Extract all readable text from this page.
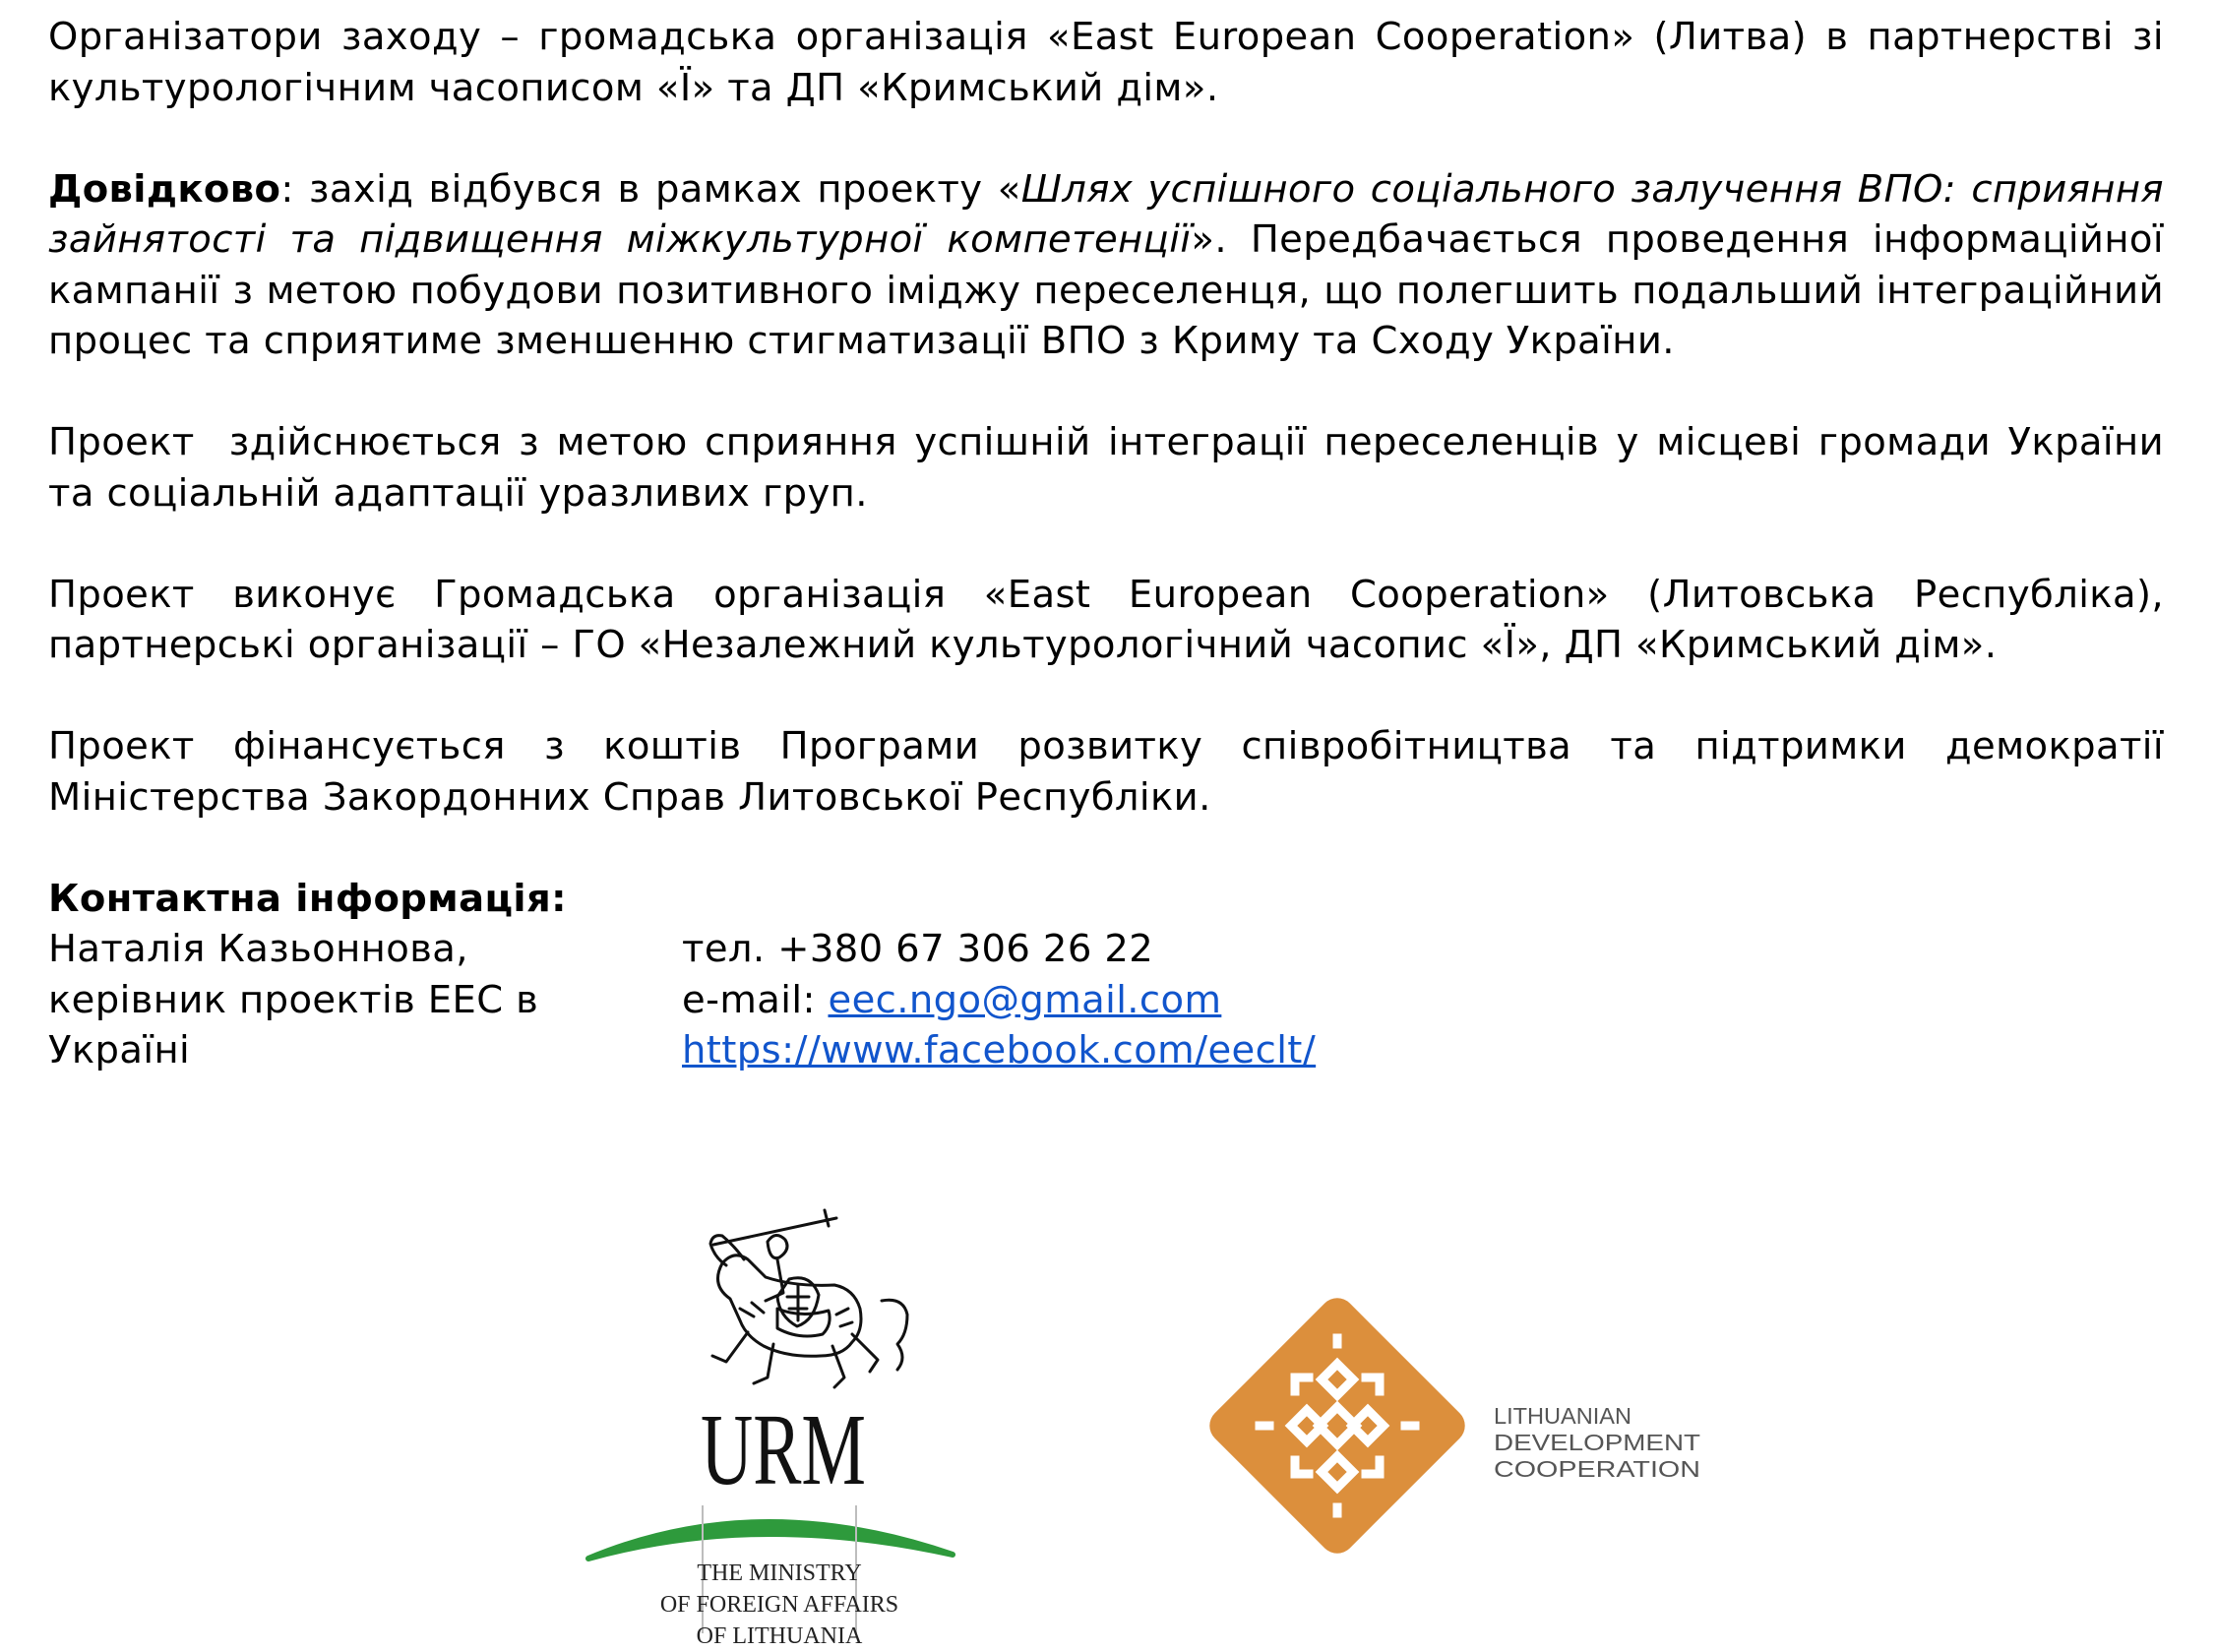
Організатори заходу – громадська організація «East European Cooperation» (Литва) в партнерстві зі культурологічним часописом «Ї» та ДП «Кримський дім».

Довідково: захід відбувся в рамках проекту «Шлях успішного соціального залучення ВПО: сприяння зайнятості та підвищення міжкультурної компетенції». Передбачається проведення інформаційної кампанії з метою побудови позитивного іміджу переселенця, що полегшить подальший інтеграційний процес та сприятиме зменшенню стигматизації ВПО з Криму та Сходу України.

Проект  здійснюється з метою сприяння успішній інтеграції переселенців у місцеві громади України та соціальній адаптації уразливих груп.

Проект виконує Громадська організація «East European Cooperation» (Литовська Республіка), партнерські організації – ГО «Незалежний культурологічний часопис «Ї», ДП «Кримський дім».

Проект фінансується з коштів Програми розвитку співробітництва та підтримки демократії Міністерства Закордонних Справ Литовської Республіки.

Контактна інформація:

Наталія Казьоннова,	тел. +380 67 306 26 22
керівник проектів ЕЕС в	e-mail: eec.ngo@gmail.com
Україні	https://www.facebook.com/eeclt/
URM
THE MINISTRY
OF FOREIGN AFFAIRS
OF LITHUANIA
LITHUANIAN
DEVELOPMENT
COOPERATION
